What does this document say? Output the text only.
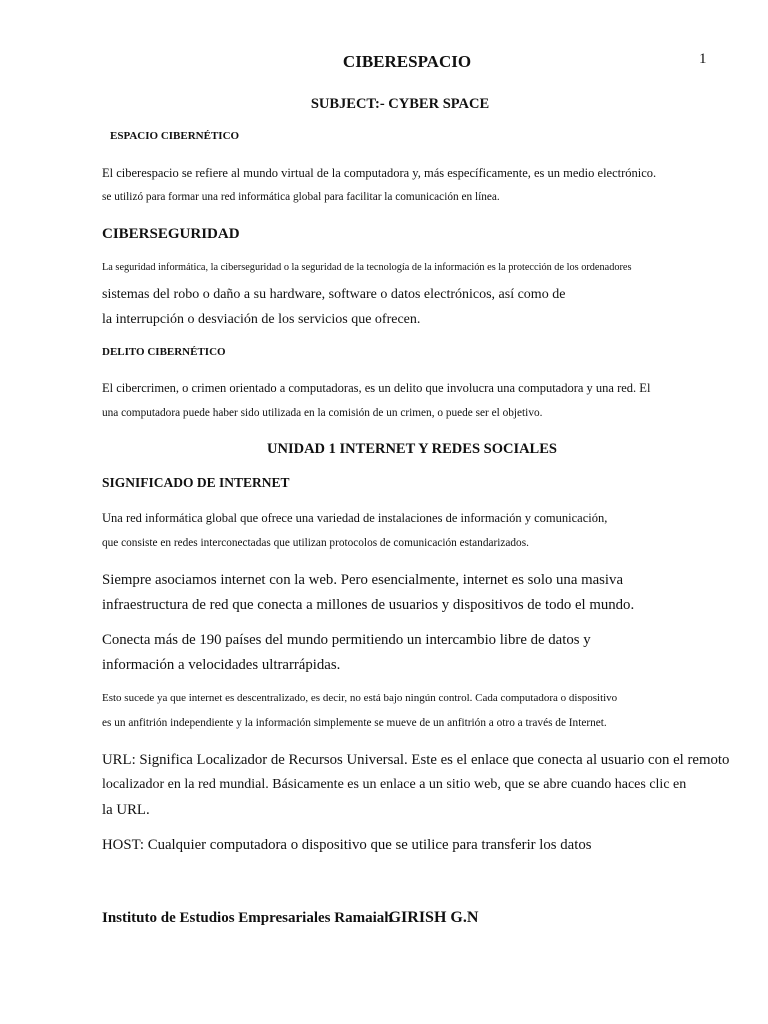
CIBERESPACIO	1
SUBJECT:- CYBER SPACE
ESPACIO CIBERNÉTICO
El ciberespacio se refiere al mundo virtual de la computadora y, más específicamente, es un medio electrónico.
se utilizó para formar una red informática global para facilitar la comunicación en línea.
CIBERSEGURIDAD
La seguridad informática, la ciberseguridad o la seguridad de la tecnología de la información es la protección de los ordenadores
sistemas del robo o daño a su hardware, software o datos electrónicos, así como de
la interrupción o desviación de los servicios que ofrecen.
DELITO CIBERNÉTICO
El cibercrimen, o crimen orientado a computadoras, es un delito que involucra una computadora y una red. El
una computadora puede haber sido utilizada en la comisión de un crimen, o puede ser el objetivo.
UNIDAD 1 INTERNET Y REDES SOCIALES
SIGNIFICADO DE INTERNET
Una red informática global que ofrece una variedad de instalaciones de información y comunicación,
que consiste en redes interconectadas que utilizan protocolos de comunicación estandarizados.
Siempre asociamos internet con la web. Pero esencialmente, internet es solo una masiva
infraestructura de red que conecta a millones de usuarios y dispositivos de todo el mundo.
Conecta más de 190 países del mundo permitiendo un intercambio libre de datos y
información a velocidades ultrarrápidas.
Esto sucede ya que internet es descentralizado, es decir, no está bajo ningún control. Cada computadora o dispositivo
es un anfitrión independiente y la información simplemente se mueve de un anfitrión a otro a través de Internet.
URL: Significa Localizador de Recursos Universal. Este es el enlace que conecta al usuario con el remoto
localizador en la red mundial. Básicamente es un enlace a un sitio web, que se abre cuando haces clic en
la URL.
HOST: Cualquier computadora o dispositivo que se utilice para transferir los datos
Instituto de Estudios Empresariales RamaiahGIRISH G.N
